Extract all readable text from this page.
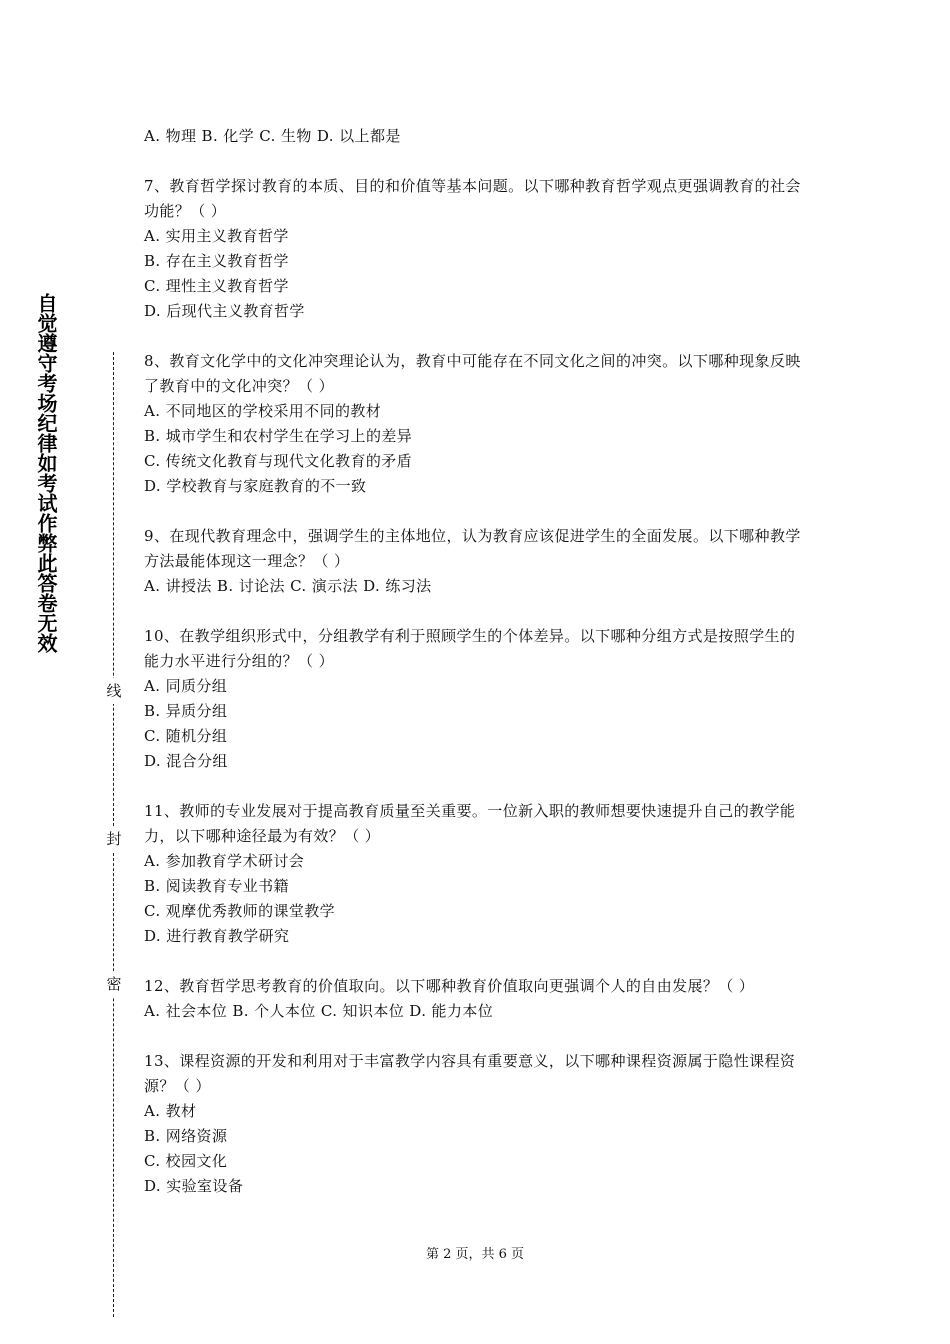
自觉遵守考场纪律如考试作弊此答卷无效
线
封
密
A. 物理 B. 化学 C. 生物 D. 以上都是
7、教育哲学探讨教育的本质、目的和价值等基本问题。以下哪种教育哲学观点更强调教育的社会功能？（ ）
A. 实用主义教育哲学
B. 存在主义教育哲学
C. 理性主义教育哲学
D. 后现代主义教育哲学
8、教育文化学中的文化冲突理论认为，教育中可能存在不同文化之间的冲突。以下哪种现象反映了教育中的文化冲突？（ ）
A. 不同地区的学校采用不同的教材
B. 城市学生和农村学生在学习上的差异
C. 传统文化教育与现代文化教育的矛盾
D. 学校教育与家庭教育的不一致
9、在现代教育理念中，强调学生的主体地位，认为教育应该促进学生的全面发展。以下哪种教学方法最能体现这一理念？（ ）
A. 讲授法 B. 讨论法 C. 演示法 D. 练习法
10、在教学组织形式中，分组教学有利于照顾学生的个体差异。以下哪种分组方式是按照学生的能力水平进行分组的？（ ）
A. 同质分组
B. 异质分组
C. 随机分组
D. 混合分组
11、教师的专业发展对于提高教育质量至关重要。一位新入职的教师想要快速提升自己的教学能力，以下哪种途径最为有效？（ ）
A. 参加教育学术研讨会
B. 阅读教育专业书籍
C. 观摩优秀教师的课堂教学
D. 进行教育教学研究
12、教育哲学思考教育的价值取向。以下哪种教育价值取向更强调个人的自由发展？（ ）
A. 社会本位 B. 个人本位 C. 知识本位 D. 能力本位
13、课程资源的开发和利用对于丰富教学内容具有重要意义，以下哪种课程资源属于隐性课程资源？（ ）
A. 教材
B. 网络资源
C. 校园文化
D. 实验室设备
第 2 页，共 6 页
